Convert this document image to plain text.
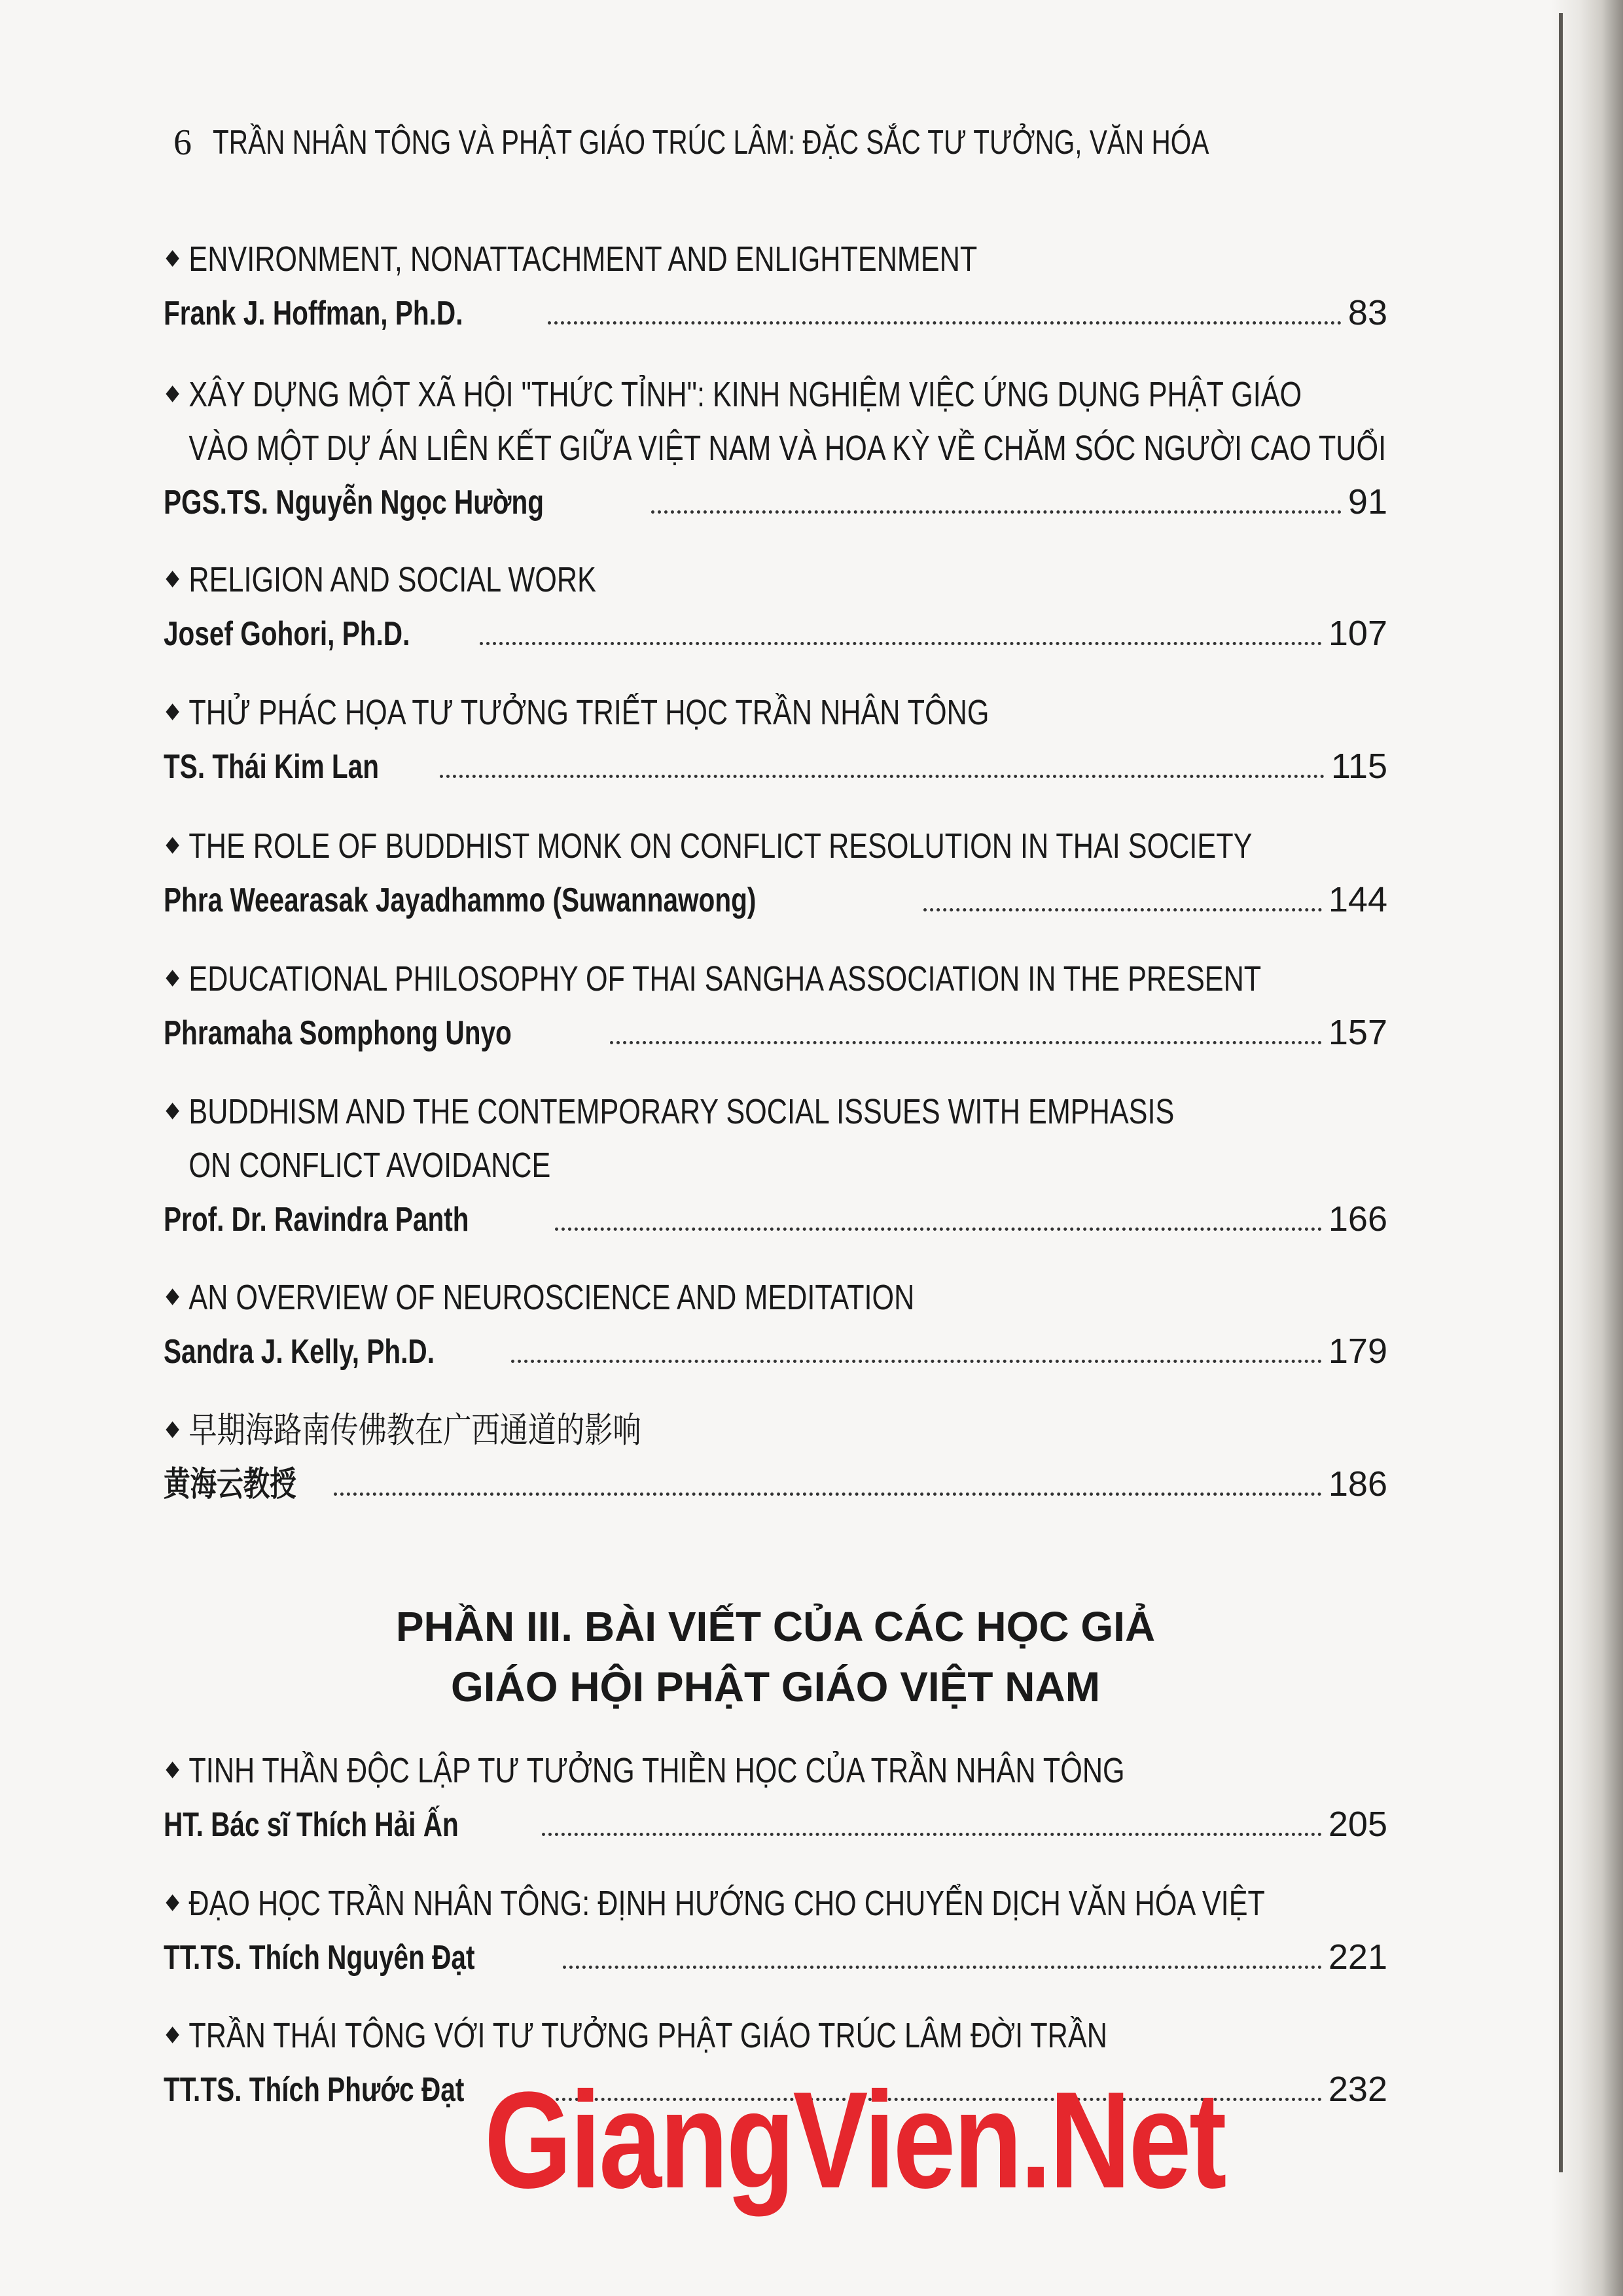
6 TRẦN NHÂN TÔNG VÀ PHẬT GIÁO TRÚC LÂM: ĐẶC SẮC TƯ TƯỞNG, VĂN HÓA
ENVIRONMENT, NONATTACHMENT AND ENLIGHTENMENT
Frank J. Hoffman, Ph.D.	83
XÂY DỰNG MỘT XÃ HỘI "THỨC TỈNH": KINH NGHIỆM VIỆC ỨNG DỤNG PHẬT GIÁO
VÀO MỘT DỰ ÁN LIÊN KẾT GIỮA VIỆT NAM VÀ HOA KỲ VỀ CHĂM SÓC NGƯỜI CAO TUỔI
PGS.TS. Nguyễn Ngọc Hường	91
RELIGION AND SOCIAL WORK
Josef Gohori, Ph.D.	107
THỬ PHÁC HỌA TƯ TƯỞNG TRIẾT HỌC TRẦN NHÂN TÔNG
TS. Thái Kim Lan	115
THE ROLE OF BUDDHIST MONK ON CONFLICT RESOLUTION IN THAI SOCIETY
Phra Weearasak Jayadhammo (Suwannawong)	144
EDUCATIONAL PHILOSOPHY OF THAI SANGHA ASSOCIATION IN THE PRESENT
Phramaha Somphong Unyo	157
BUDDHISM AND THE CONTEMPORARY SOCIAL ISSUES WITH EMPHASIS
ON CONFLICT AVOIDANCE
Prof. Dr. Ravindra Panth	166
AN OVERVIEW OF NEUROSCIENCE AND MEDITATION
Sandra J. Kelly, Ph.D.	179
早期海路南传佛教在广西通道的影响
黄海云教授	186
PHẦN III. BÀI VIẾT CỦA CÁC HỌC GIẢ
GIÁO HỘI PHẬT GIÁO VIỆT NAM
TINH THẦN ĐỘC LẬP TƯ TƯỞNG THIỀN HỌC CỦA TRẦN NHÂN TÔNG
HT. Bác sĩ Thích Hải Ấn	205
ĐẠO HỌC TRẦN NHÂN TÔNG: ĐỊNH HƯỚNG CHO CHUYỂN DỊCH VĂN HÓA VIỆT
TT.TS. Thích Nguyên Đạt	221
TRẦN THÁI TÔNG VỚI TƯ TƯỞNG PHẬT GIÁO TRÚC LÂM ĐỜI TRẦN
TT.TS. Thích Phước Đạt	232
GiangVien.Net
